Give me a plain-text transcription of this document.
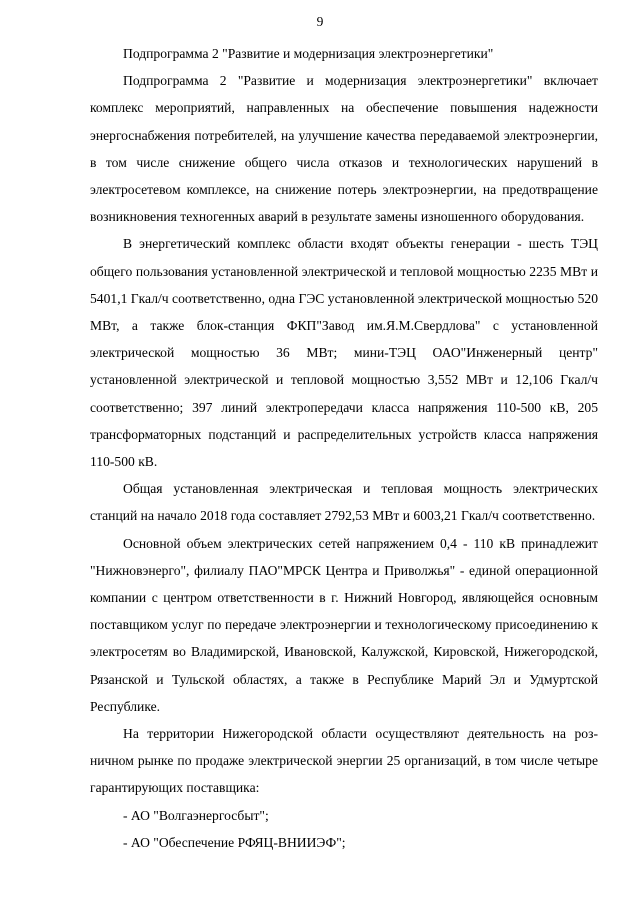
9

Подпрограмма 2 "Развитие и модернизация электроэнергетики"

Подпрограмма 2 "Развитие и модернизация электроэнергетики" включает комплекс мероприятий, направленных на обеспечение повышения надежности энергоснабжения потребителей, на улучшение качества передаваемой электроэнергии, в том числе снижение общего числа отказов и технологических нарушений в электросетевом комплексе, на снижение потерь электроэнергии, на предотвращение возникновения техногенных аварий в результате замены изношенного оборудования.

В энергетический комплекс области входят объекты генерации - шесть ТЭЦ общего пользования установленной электрической и тепловой мощностью 2235 МВт и 5401,1 Гкал/ч соответственно, одна ГЭС установленной электрической мощностью 520 МВт, а также блок-станция ФКП"Завод им.Я.М.Свердлова" с установленной электрической мощностью 36 МВт; мини-ТЭЦ ОАО"Инженерный центр" установленной электрической и тепловой мощностью 3,552 МВт и 12,106 Гкал/ч соответственно; 397 линий электропередачи класса напряжения 110-500 кВ, 205 трансформаторных подстанций и распределительных устройств класса напряжения 110-500 кВ.

Общая установленная электрическая и тепловая мощность электрических станций на начало 2018 года составляет 2792,53 МВт и 6003,21 Гкал/ч соответственно.

Основной объем электрических сетей напряжением 0,4 - 110 кВ принадлежит "Нижновэнерго", филиалу ПАО"МРСК Центра и Приволжья" - единой операционной компании с центром ответственности в г. Нижний Новгород, являющейся основным поставщиком услуг по передаче электроэнергии и технологическому присоединению к электросетям во Владимирской, Ивановской, Калужской, Кировской, Нижегородской, Рязанской и Тульской областях, а также в Республике Марий Эл и Удмуртской Республике.

На территории Нижегородской области осуществляют деятельность на розничном рынке по продаже электрической энергии 25 организаций, в том числе четыре гарантирующих поставщика:

- АО "Волгаэнергосбыт";

- АО "Обеспечение РФЯЦ-ВНИИЭФ";
